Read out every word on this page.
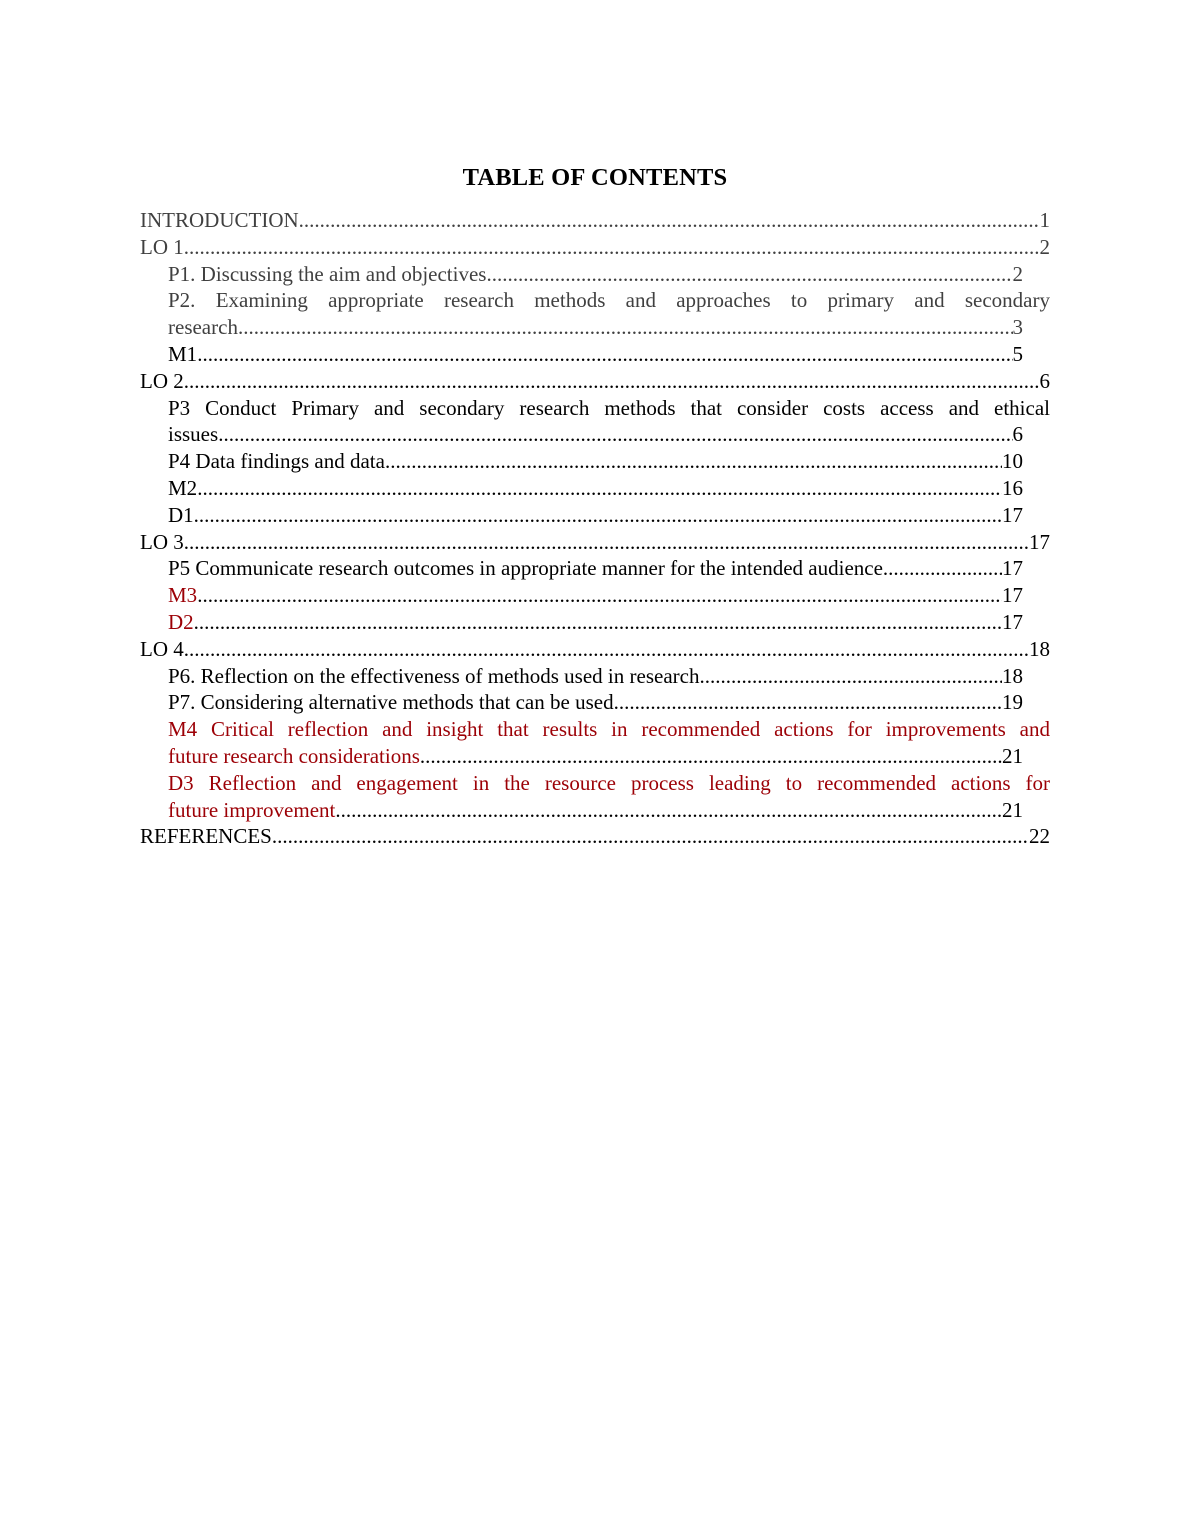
TABLE OF CONTENTS
INTRODUCTION .....	1
LO 1 .....	2
P1. Discussing the aim and objectives .....	2
P2. Examining appropriate research methods and approaches to primary and secondary
research .....	3
M1 .....	5
LO 2 .....	6
P3 Conduct Primary and secondary research methods that consider costs access and ethical
issues .....	6
P4 Data findings and data .....	10
M2 .....	16
D1 .....	17
LO 3 .....	17
P5 Communicate research outcomes in appropriate manner for the intended audience .....	17
M3 .....	17
D2 .....	17
LO 4 .....	18
P6. Reflection on the effectiveness of methods used in research .....	18
P7. Considering alternative methods that can be used .....	19
M4 Critical reflection and insight that results in recommended actions for improvements and
future research considerations .....	21
D3 Reflection and engagement in the resource process leading to recommended actions for
future improvement .....	21
REFERENCES .....	22
